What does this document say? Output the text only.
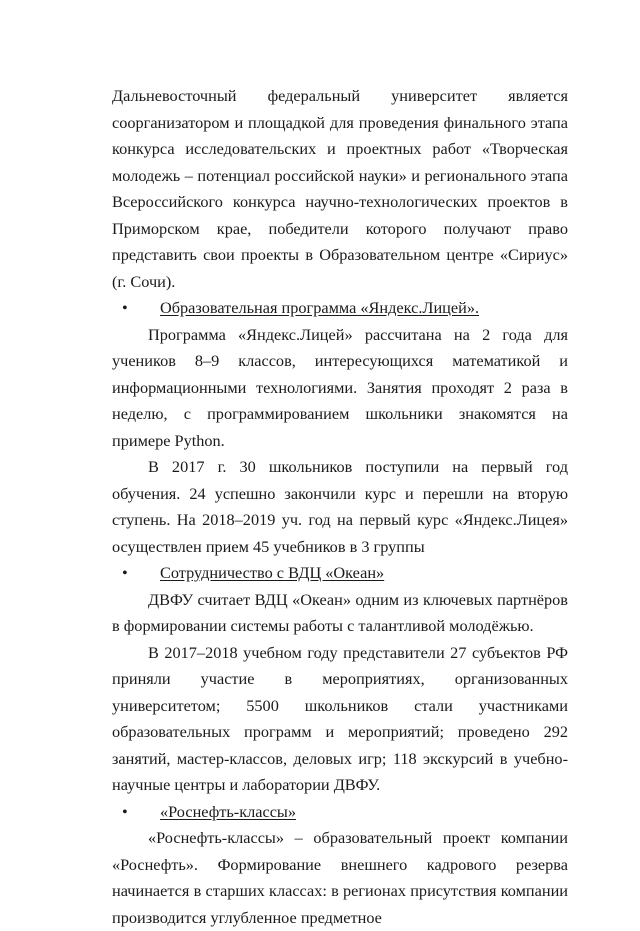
Дальневосточный федеральный университет является соорганизатором и площадкой для проведения финального этапа конкурса исследовательских и проектных работ «Творческая молодежь – потенциал российской науки» и регионального этапа Всероссийского конкурса научно-технологических проектов в Приморском крае, победители которого получают право представить свои проекты в Образовательном центре «Сириус» (г. Сочи).

• Образовательная программа «Яндекс.Лицей».

Программа «Яндекс.Лицей» рассчитана на 2 года для учеников 8–9 классов, интересующихся математикой и информационными технологиями. Занятия проходят 2 раза в неделю, с программированием школьники знакомятся на примере Python.

В 2017 г. 30 школьников поступили на первый год обучения. 24 успешно закончили курс и перешли на вторую ступень. На 2018–2019 уч. год на первый курс «Яндекс.Лицея» осуществлен прием 45 учебников в 3 группы

• Сотрудничество с ВДЦ «Океан»

ДВФУ считает ВДЦ «Океан» одним из ключевых партнёров в формировании системы работы с талантливой молодёжью.

В 2017–2018 учебном году представители 27 субъектов РФ приняли участие в мероприятиях, организованных университетом; 5500 школьников стали участниками образовательных программ и мероприятий; проведено 292 занятий, мастер-классов, деловых игр; 118 экскурсий в учебно-научные центры и лаборатории ДВФУ.

• «Роснефть-классы»

«Роснефть-классы» – образовательный проект компании «Роснефть». Формирование внешнего кадрового резерва начинается в старших классах: в регионах присутствия компании производится углубленное предметное
